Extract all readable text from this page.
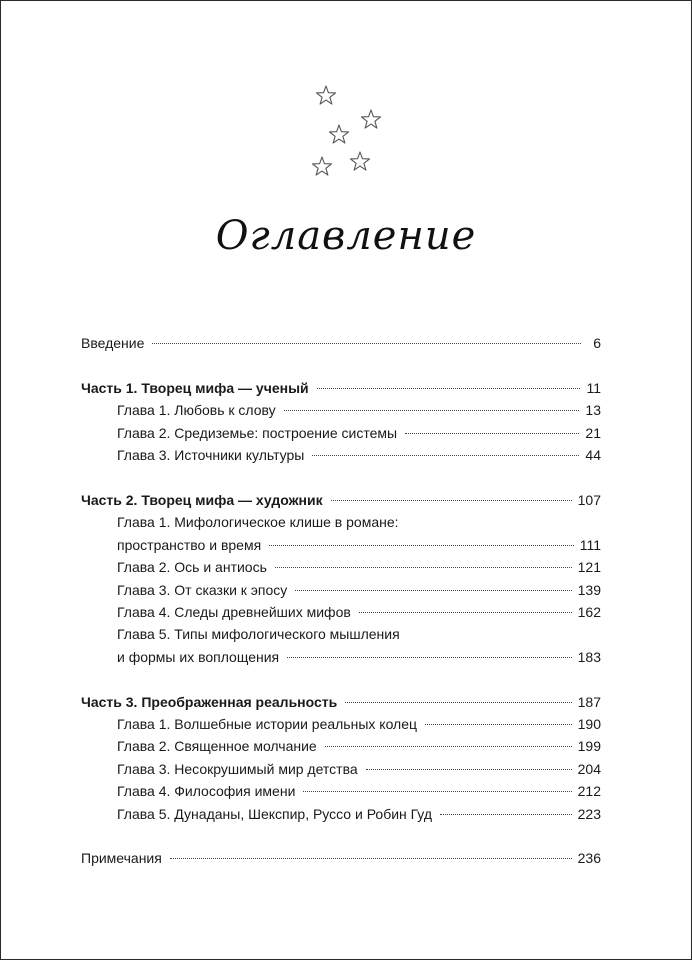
Оглавление
Введение	6
Часть 1. Творец мифа — ученый	11
Глава 1. Любовь к слову	13
Глава 2. Средиземье: построение системы	21
Глава 3. Источники культуры	44
Часть 2. Творец мифа — художник	107
Глава 1. Мифологическое клише в романе:
пространство и время	111
Глава 2. Ось и антиось	121
Глава 3. От сказки к эпосу	139
Глава 4. Следы древнейших мифов	162
Глава 5. Типы мифологического мышления
и формы их воплощения	183
Часть 3. Преображенная реальность	187
Глава 1. Волшебные истории реальных колец	190
Глава 2. Священное молчание	199
Глава 3. Несокрушимый мир детства	204
Глава 4. Философия имени	212
Глава 5. Дунаданы, Шекспир, Руссо и Робин Гуд	223
Примечания	236
